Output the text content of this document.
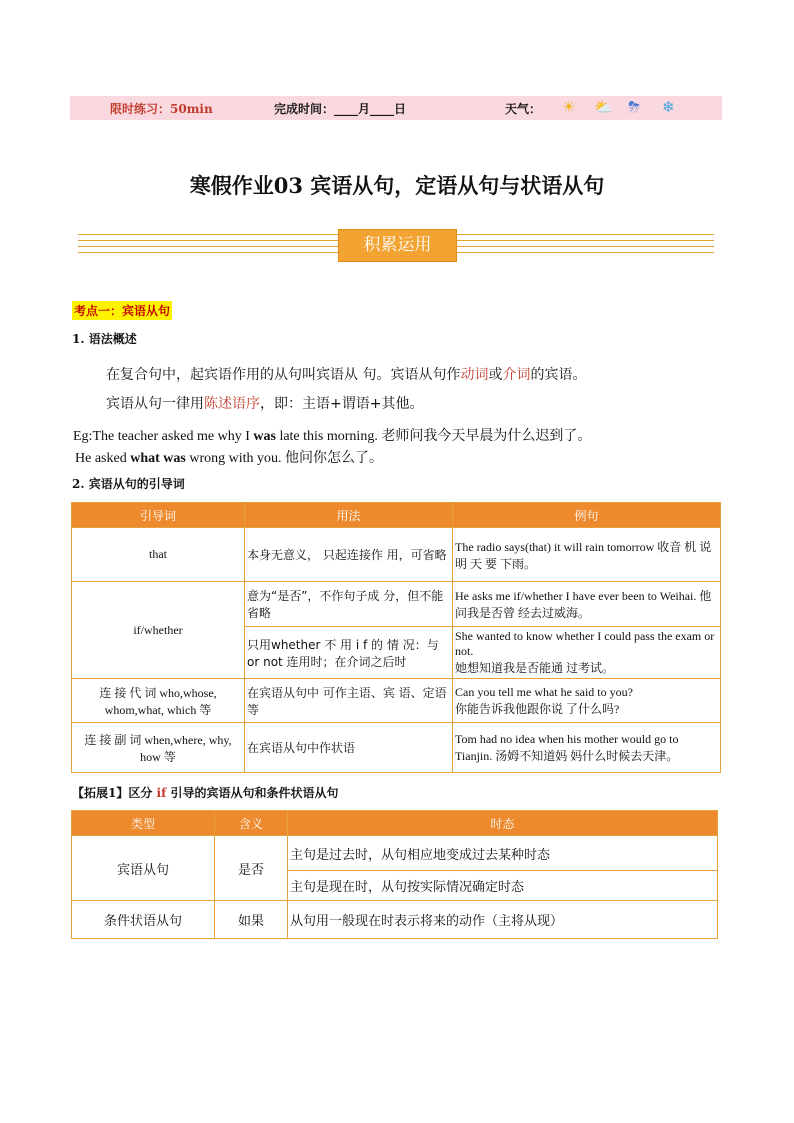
限时练习：50min	完成时间：____月____日	天气： ☀ ⛅ ⛈ ❄
寒假作业03 宾语从句，定语从句与状语从句
积累运用
考点一：宾语从句
1. 语法概述
在复合句中，起宾语作用的从句叫宾语从 句。宾语从句作动词或介词的宾语。
宾语从句一律用陈述语序，即：主语+谓语+其他。
Eg:The teacher asked me why I was late this morning. 老师问我今天早晨为什么迟到了。
He asked what was wrong with you. 他问你怎么了。
2. 宾语从句的引导词
引导词	用法	例句
that	本身无意义， 只起连接作 用，可省略	The radio says(that) it will rain tomorrow 收音 机 说 明 天 要 下雨。
if/whether	意为“是否”，不作句子成 分，但不能 省略	He asks me if/whether I have ever been to Weihai. 他问我是否曾 经去过威海。
	只用whether 不 用 i f 的 情 况：与 or not 连用时；在介词之后时	She wanted to know whether I could pass the exam or not.
她想知道我是否能通 过考试。
连 接 代 词 who,whose, whom,what, which 等	在宾语从句中 可作主语、宾 语、定语等	Can you tell me what he said to you?
你能告诉我他跟你说 了什么吗?
连 接 副 词 when,where, why, how 等	在宾语从句中作状语	Tom had no idea when his mother would go to Tianjin. 汤姆不知道妈 妈什么时候去天津。
【拓展1】区分 if 引导的宾语从句和条件状语从句
类型	含义	时态
宾语从句	是否	主句是过去时，从句相应地变成过去某种时态
		主句是现在时，从句按实际情况确定时态
条件状语从句	如果	从句用一般现在时表示将来的动作（主将从现）
